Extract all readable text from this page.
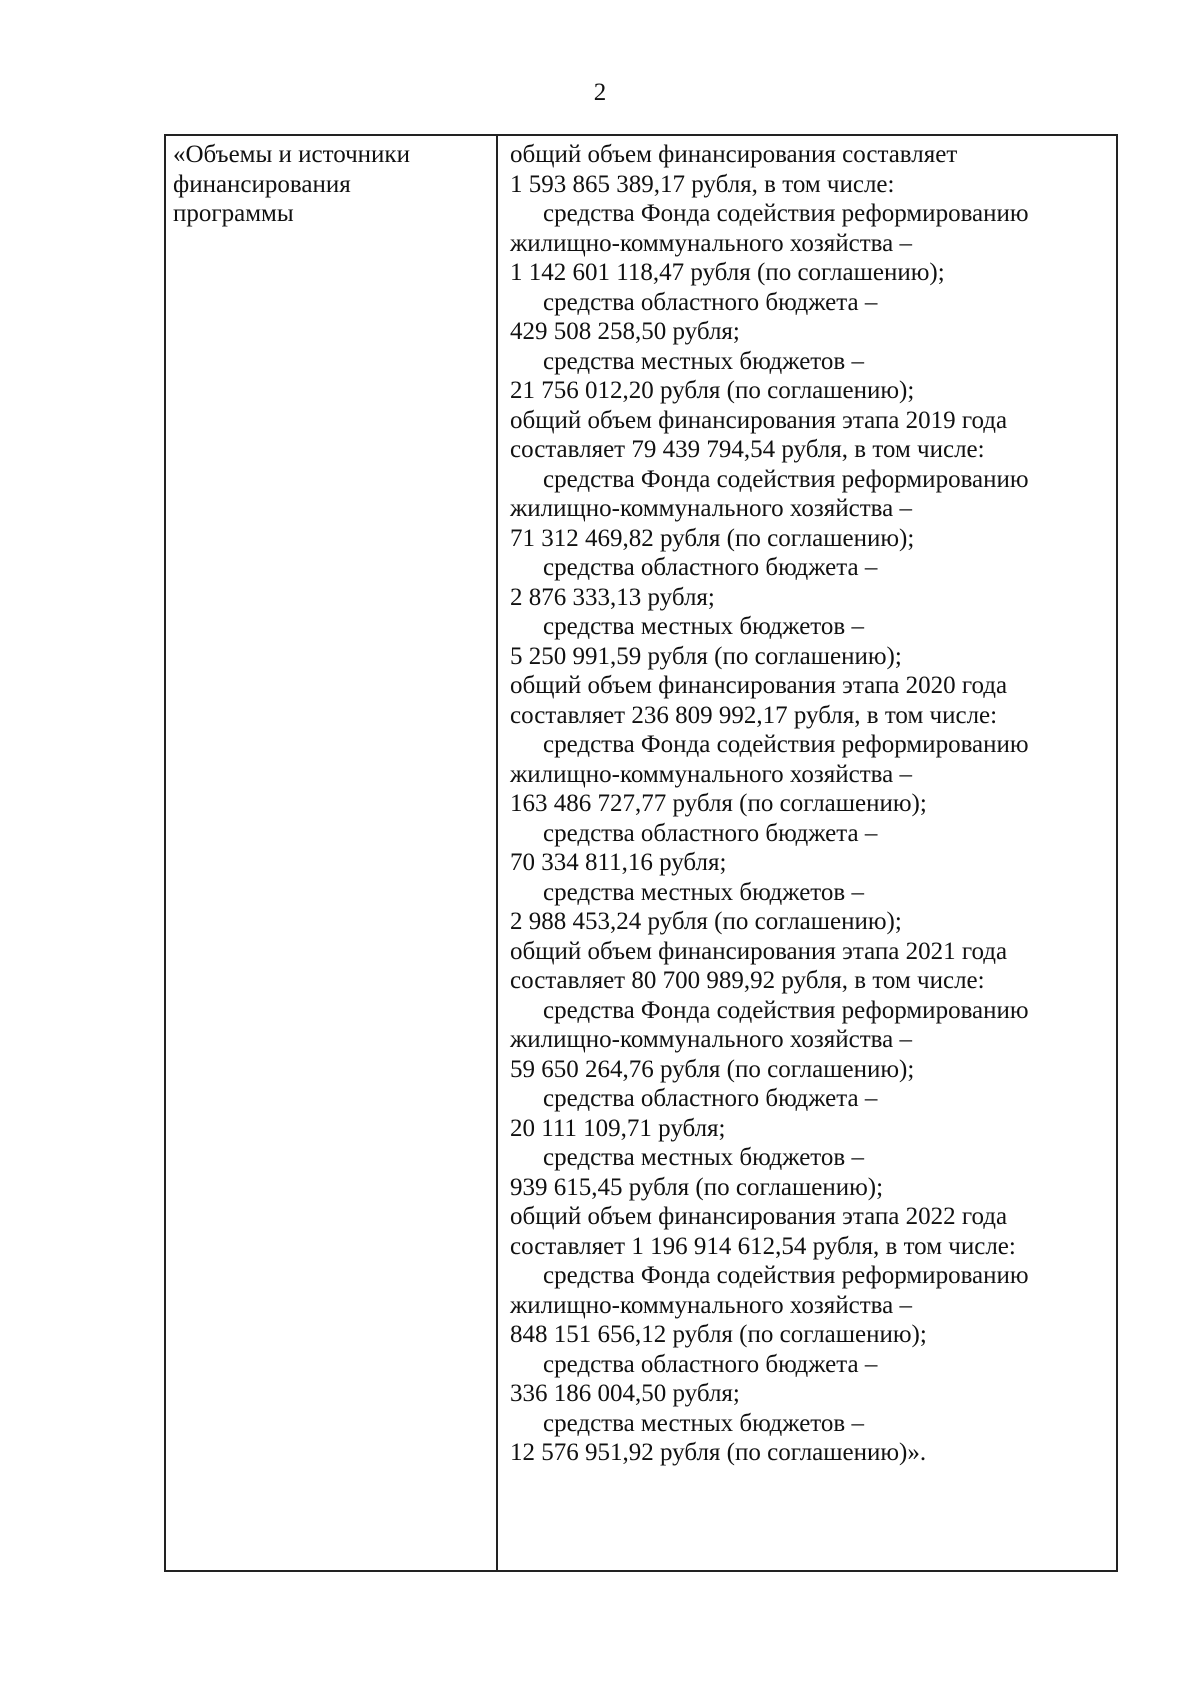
2
«Объемы и источники
финансирования
программы
общий объем финансирования составляет
1 593 865 389,17 рубля, в том числе:
средства Фонда содействия реформированию
жилищно-коммунального хозяйства –
1 142 601 118,47 рубля (по соглашению);
средства областного бюджета –
429 508 258,50 рубля;
средства местных бюджетов –
21 756 012,20 рубля (по соглашению);
общий объем финансирования этапа 2019 года
составляет 79 439 794,54 рубля, в том числе:
средства Фонда содействия реформированию
жилищно-коммунального хозяйства –
71 312 469,82 рубля (по соглашению);
средства областного бюджета –
2 876 333,13 рубля;
средства местных бюджетов –
5 250 991,59 рубля (по соглашению);
общий объем финансирования этапа 2020 года
составляет 236 809 992,17 рубля, в том числе:
средства Фонда содействия реформированию
жилищно-коммунального хозяйства –
163 486 727,77 рубля (по соглашению);
средства областного бюджета –
70 334 811,16 рубля;
средства местных бюджетов –
2 988 453,24 рубля (по соглашению);
общий объем финансирования этапа 2021 года
составляет 80 700 989,92 рубля, в том числе:
средства Фонда содействия реформированию
жилищно-коммунального хозяйства –
59 650 264,76 рубля (по соглашению);
средства областного бюджета –
20 111 109,71 рубля;
средства местных бюджетов –
939 615,45 рубля (по соглашению);
общий объем финансирования этапа 2022 года
составляет 1 196 914 612,54 рубля, в том числе:
средства Фонда содействия реформированию
жилищно-коммунального хозяйства –
848 151 656,12 рубля (по соглашению);
средства областного бюджета –
336 186 004,50 рубля;
средства местных бюджетов –
12 576 951,92 рубля (по соглашению)».
